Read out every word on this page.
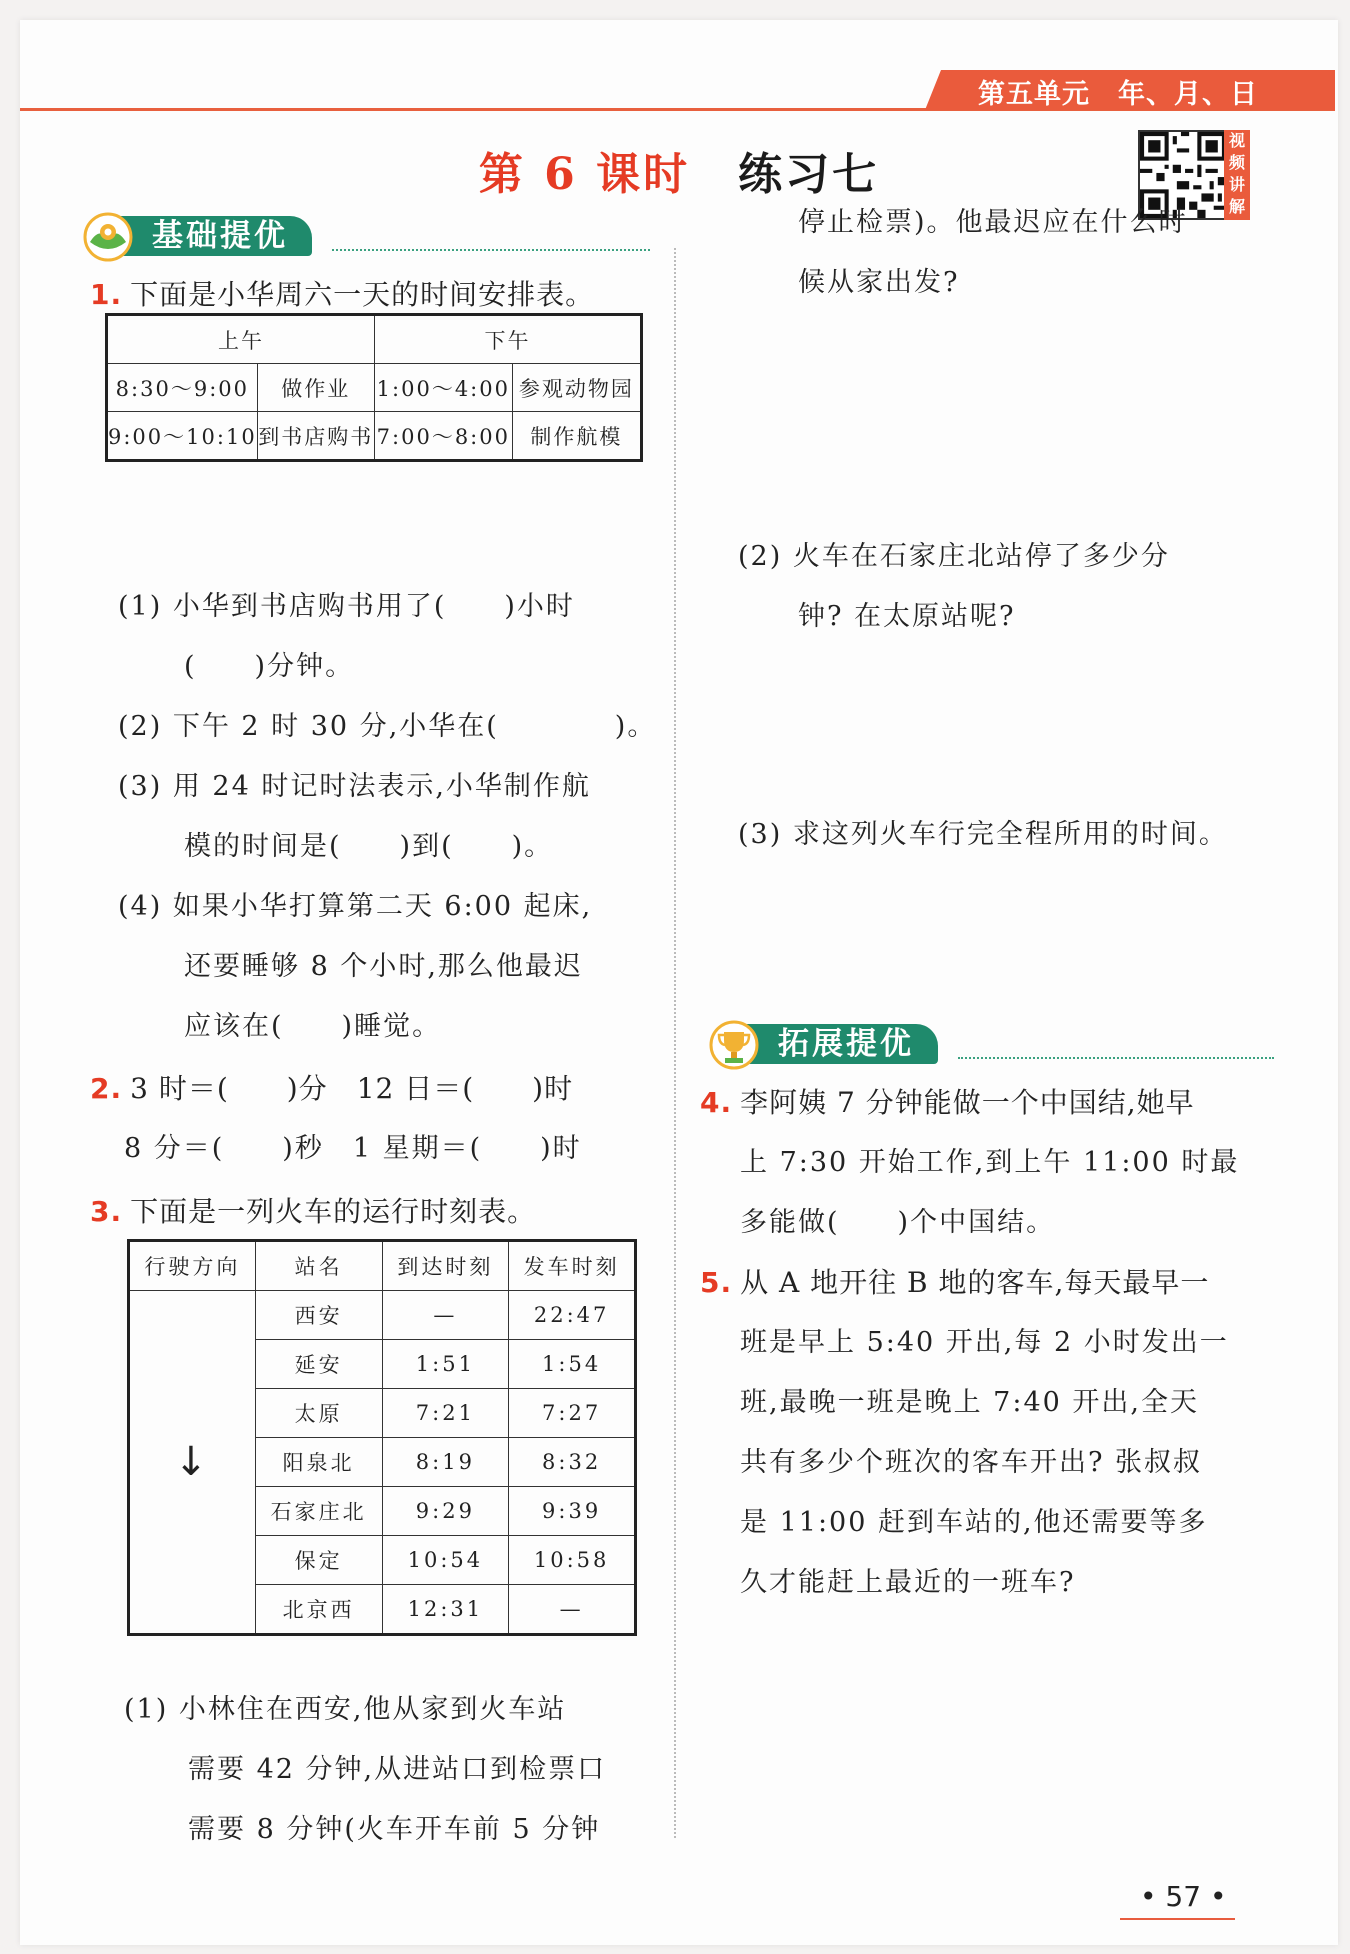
第五单元 年、月、日
第 6 课时 练习七
视
频
讲
解
基础提优
1. 下面是小华周六一天的时间安排表。
上午		下午	
8:30～9:00	做作业	1:00～4:00	参观动物园
9:00～10:10	到书店购书	7:00～8:00	制作航模
(1) 小华到书店购书用了(　　)小时
(　　)分钟。
(2) 下午 2 时 30 分,小华在(　　　　)。
(3) 用 24 时记时法表示,小华制作航
模的时间是(　　)到(　　)。
(4) 如果小华打算第二天 6:00 起床,
还要睡够 8 个小时,那么他最迟
应该在(　　)睡觉。
2. 3 时＝(　　)分　12 日＝(　　)时
8 分＝(　　)秒　1 星期＝(　　)时
3. 下面是一列火车的运行时刻表。
行驶方向	站名	到达时刻	发车时刻
↓	西安	—	22:47
	延安	1:51	1:54
	太原	7:21	7:27
	阳泉北	8:19	8:32
	石家庄北	9:29	9:39
	保定	10:54	10:58
	北京西	12:31	—
(1) 小林住在西安,他从家到火车站
需要 42 分钟,从进站口到检票口
需要 8 分钟(火车开车前 5 分钟
停止检票)。他最迟应在什么时
候从家出发?
(2) 火车在石家庄北站停了多少分
钟? 在太原站呢?
(3) 求这列火车行完全程所用的时间。
拓展提优
4. 李阿姨 7 分钟能做一个中国结,她早
上 7:30 开始工作,到上午 11:00 时最
多能做(　　)个中国结。
5. 从 A 地开往 B 地的客车,每天最早一
班是早上 5:40 开出,每 2 小时发出一
班,最晚一班是晚上 7:40 开出,全天
共有多少个班次的客车开出? 张叔叔
是 11:00 赶到车站的,他还需要等多
久才能赶上最近的一班车?
• 57 •
